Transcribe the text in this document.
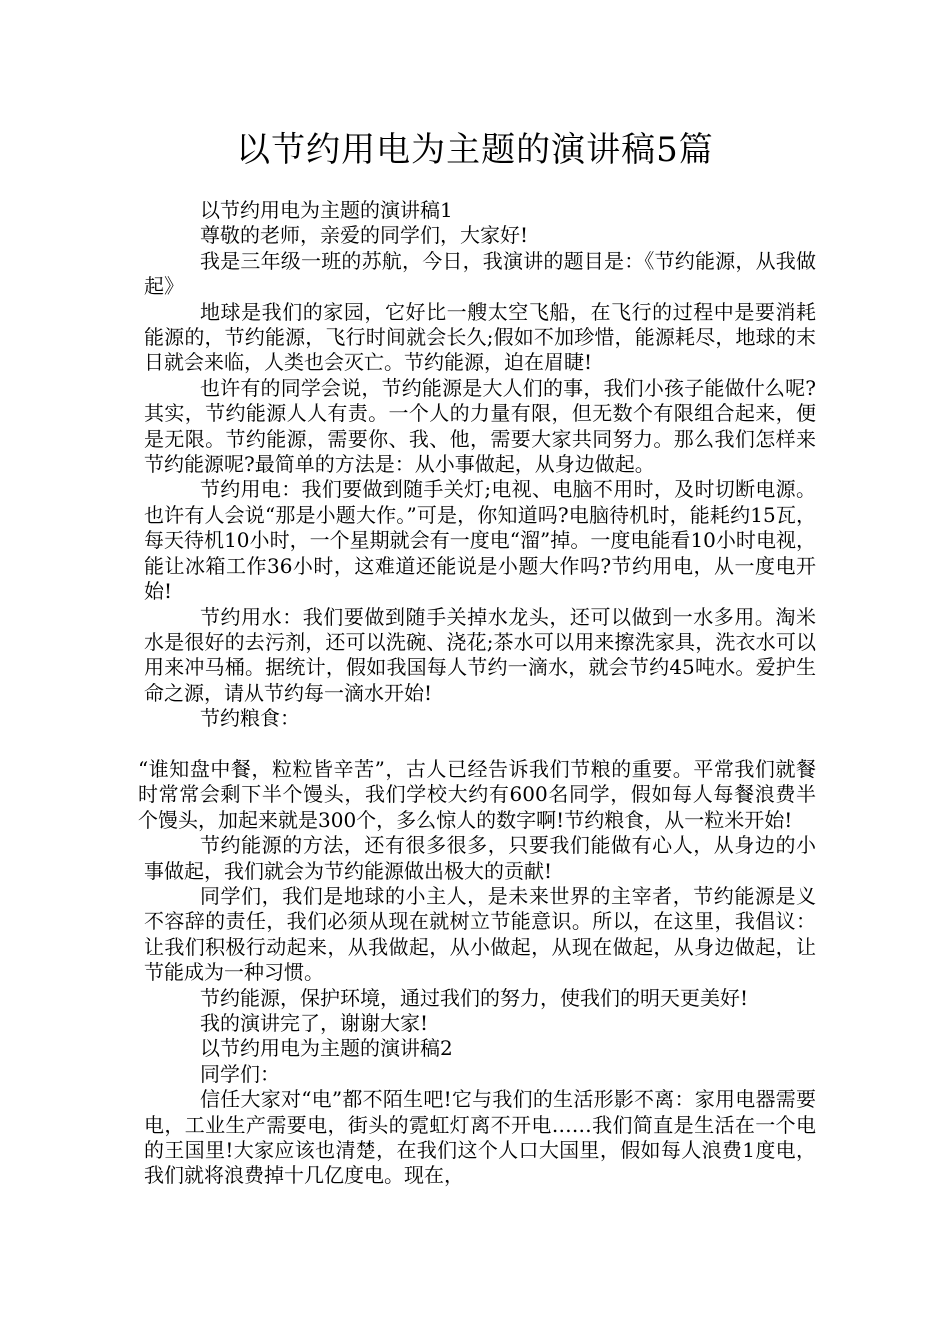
以节约用电为主题的演讲稿5篇

以节约用电为主题的演讲稿1

尊敬的老师，亲爱的同学们，大家好!

我是三年级一班的苏航，今日，我演讲的题目是：《节约能源，从我做起》

地球是我们的家园，它好比一艘太空飞船，在飞行的过程中是要消耗能源的，节约能源，飞行时间就会长久;假如不加珍惜，能源耗尽，地球的末日就会来临，人类也会灭亡。节约能源，迫在眉睫!

也许有的同学会说，节约能源是大人们的事，我们小孩子能做什么呢?其实，节约能源人人有责。一个人的力量有限，但无数个有限组合起来，便是无限。节约能源，需要你、我、他，需要大家共同努力。那么我们怎样来节约能源呢?最简单的方法是：从小事做起，从身边做起。

节约用电：我们要做到随手关灯;电视、电脑不用时，及时切断电源。也许有人会说“那是小题大作。”可是，你知道吗?电脑待机时，能耗约15瓦，每天待机10小时，一个星期就会有一度电“溜”掉。一度电能看10小时电视，能让冰箱工作36小时，这难道还能说是小题大作吗?节约用电，从一度电开始!

节约用水：我们要做到随手关掉水龙头，还可以做到一水多用。淘米水是很好的去污剂，还可以洗碗、浇花;茶水可以用来擦洗家具，洗衣水可以用来冲马桶。据统计，假如我国每人节约一滴水，就会节约45吨水。爱护生命之源，请从节约每一滴水开始!

节约粮食：

“谁知盘中餐，粒粒皆辛苦”，古人已经告诉我们节粮的重要。平常我们就餐时常常会剩下半个馒头，我们学校大约有600名同学，假如每人每餐浪费半个馒头，加起来就是300个，多么惊人的数字啊!节约粮食，从一粒米开始!

节约能源的方法，还有很多很多，只要我们能做有心人，从身边的小事做起，我们就会为节约能源做出极大的贡献!

同学们，我们是地球的小主人，是未来世界的主宰者，节约能源是义不容辞的责任，我们必须从现在就树立节能意识。所以，在这里，我倡议：让我们积极行动起来，从我做起，从小做起，从现在做起，从身边做起，让节能成为一种习惯。

节约能源，保护环境，通过我们的努力，使我们的明天更美好!

我的演讲完了，谢谢大家!

以节约用电为主题的演讲稿2

同学们：

信任大家对“电”都不陌生吧!它与我们的生活形影不离：家用电器需要电，工业生产需要电，街头的霓虹灯离不开电……我们简直是生活在一个电的王国里!大家应该也清楚，在我们这个人口大国里，假如每人浪费1度电，我们就将浪费掉十几亿度电。现在，
